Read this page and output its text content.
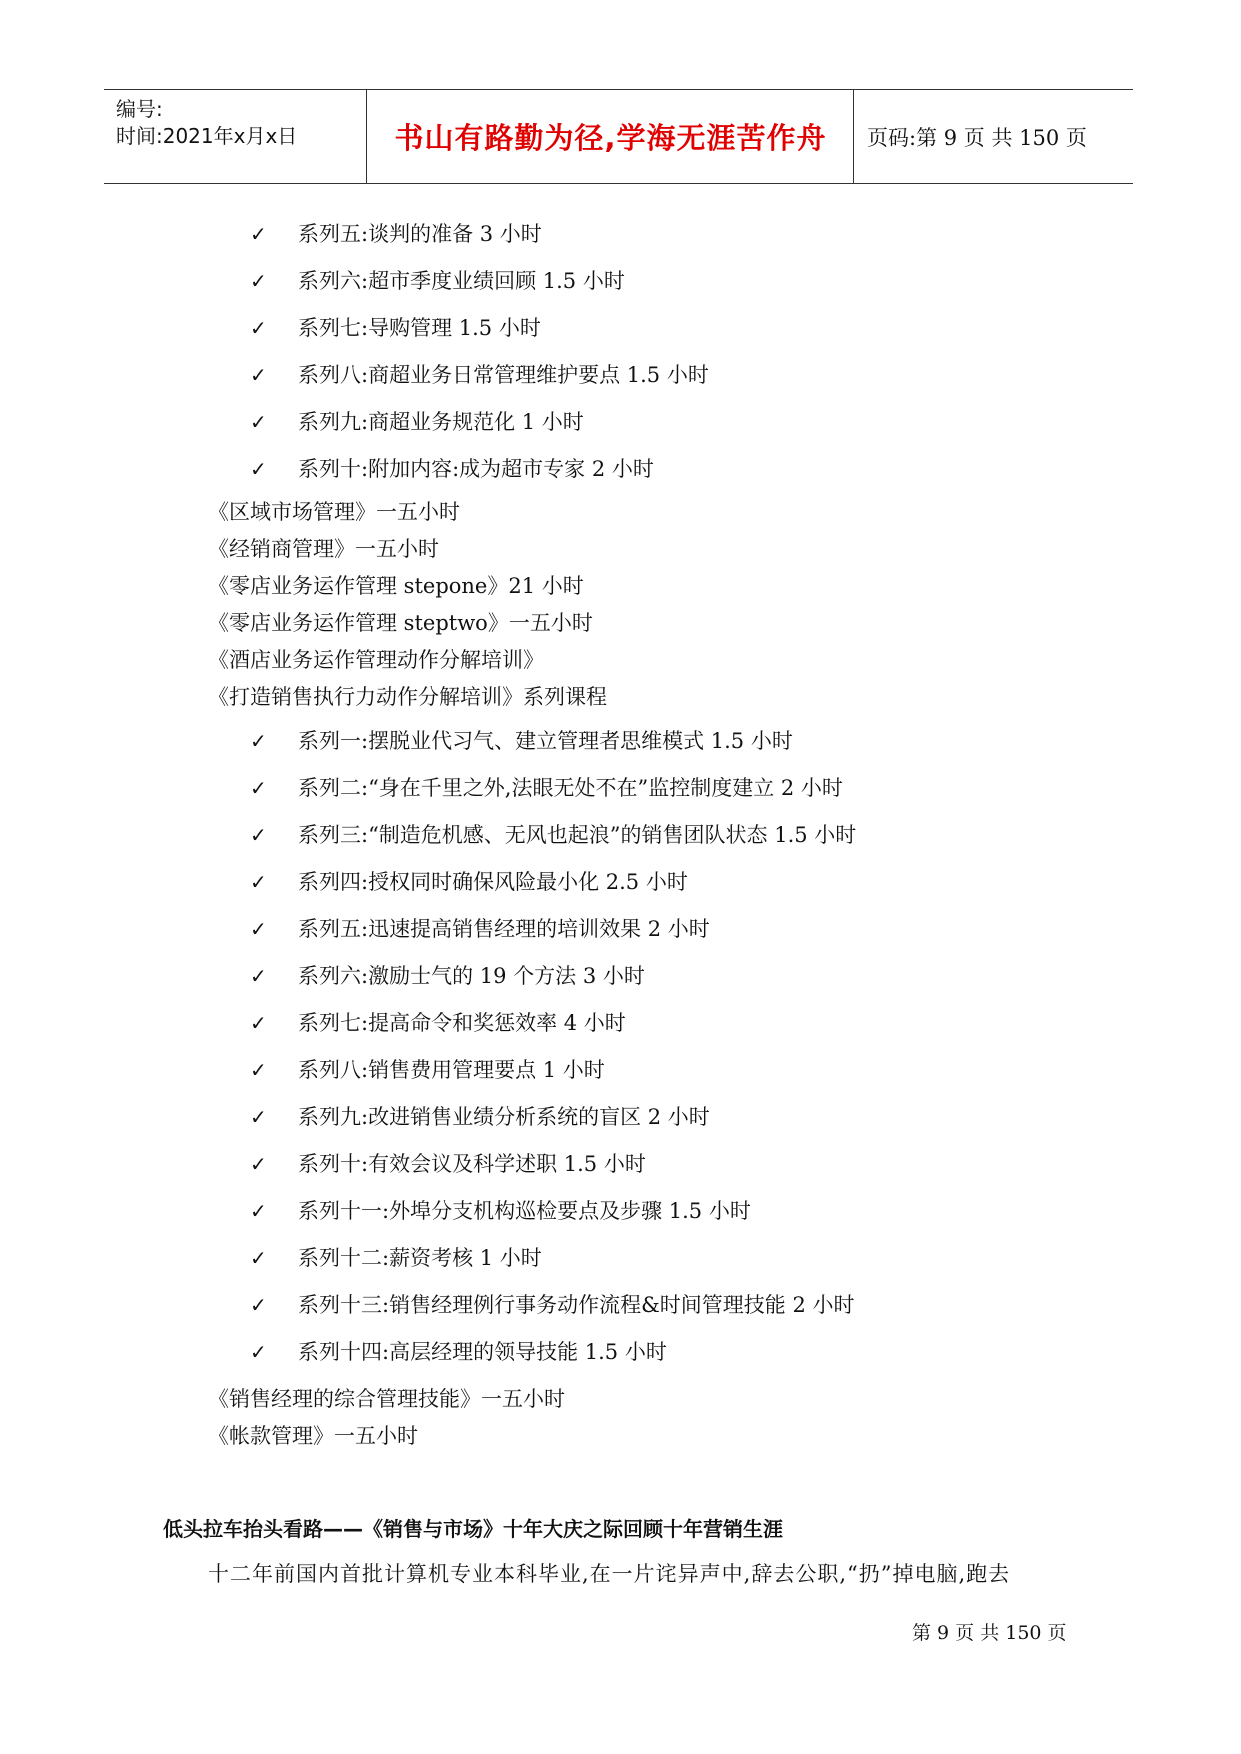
编号:
时间:2021年x月x日	书山有路勤为径,学海无涯苦作舟 页码:第 9 页 共 150 页
✓ 系列五:谈判的准备 3 小时
✓ 系列六:超市季度业绩回顾 1.5 小时
✓ 系列七:导购管理 1.5 小时
✓ 系列八:商超业务日常管理维护要点 1.5 小时
✓ 系列九:商超业务规范化 1 小时
✓ 系列十:附加内容:成为超市专家 2 小时
《区域市场管理》一五小时
《经销商管理》一五小时
《零店业务运作管理 stepone》21 小时
《零店业务运作管理 steptwo》一五小时
《酒店业务运作管理动作分解培训》
《打造销售执行力动作分解培训》系列课程
✓ 系列一:摆脱业代习气、建立管理者思维模式 1.5 小时
✓ 系列二:“身在千里之外,法眼无处不在”监控制度建立 2 小时
✓ 系列三:“制造危机感、无风也起浪”的销售团队状态 1.5 小时
✓ 系列四:授权同时确保风险最小化 2.5 小时
✓ 系列五:迅速提高销售经理的培训效果 2 小时
✓ 系列六:激励士气的 19 个方法 3 小时
✓ 系列七:提高命令和奖惩效率 4 小时
✓ 系列八:销售费用管理要点 1 小时
✓ 系列九:改进销售业绩分析系统的盲区 2 小时
✓ 系列十:有效会议及科学述职 1.5 小时
✓ 系列十一:外埠分支机构巡检要点及步骤 1.5 小时
✓ 系列十二:薪资考核 1 小时
✓ 系列十三:销售经理例行事务动作流程&时间管理技能 2 小时
✓ 系列十四:高层经理的领导技能 1.5 小时
《销售经理的综合管理技能》一五小时
《帐款管理》一五小时
低头拉车抬头看路——《销售与市场》十年大庆之际回顾十年营销生涯
十二年前国内首批计算机专业本科毕业,在一片诧异声中,辞去公职,“扔”掉电脑,跑去
第 9 页 共 150 页
